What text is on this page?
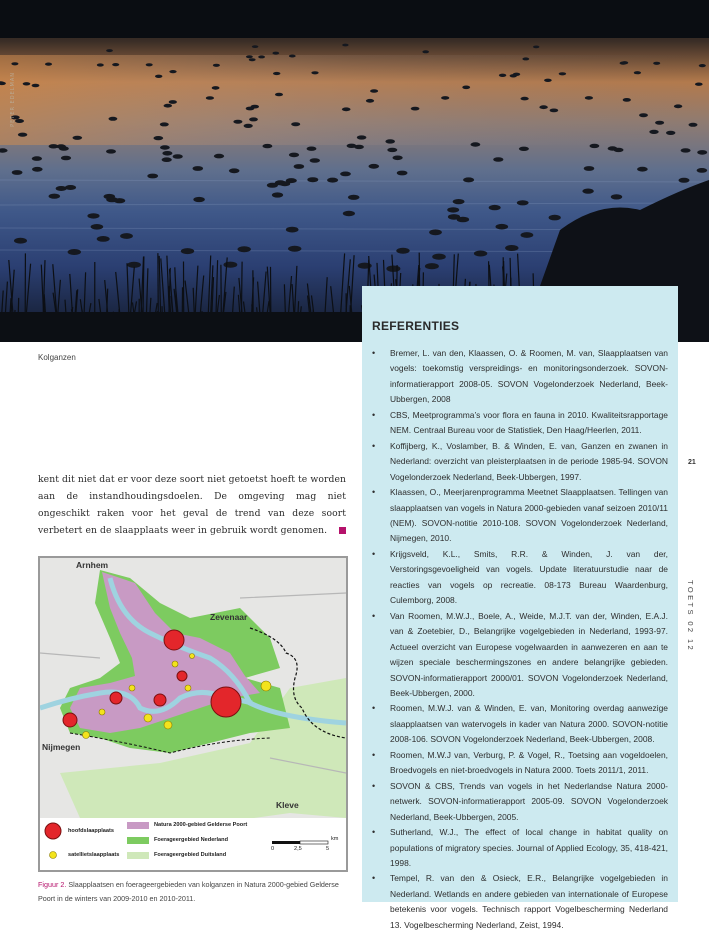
PETER EDELMAN
Kolganzen
kent dit niet dat er voor deze soort niet getoetst hoeft te worden aan de instandhoudingsdoelen. De omgeving mag niet ongeschikt raken voor het geval de trend van deze soort verbetert en de slaapplaats weer in gebruik wordt genomen.
Arnhem
Zevenaar
Nijmegen
Kleve
hoofdslaapplaats
satellietslaapplaats
Natura 2000-gebied Gelderse Poort
Foerageergebied Nederland
Foerageergebied Duitsland
0	2,5	5
km
Figuur 2. Slaapplaatsen en foerageergebieden van kolganzen in Natura 2000-gebied Gelderse Poort in de winters van 2009-2010 en 2010-2011.
REFERENTIES
• Bremer, L. van den, Klaassen, O. & Roomen, M. van, Slaapplaatsen van vogels: toekomstig verspreidings- en monitoringsonderzoek. SOVON-informatierapport 2008-05. SOVON Vogelonderzoek Nederland, Beek- Ubbergen, 2008
• CBS, Meetprogramma’s voor flora en fauna in 2010. Kwaliteitsrapportage NEM. Centraal Bureau voor de Statistiek, Den Haag/Heerlen, 2011.
• Koffijberg, K., Voslamber, B. & Winden, E. van, Ganzen en zwanen in Nederland: overzicht van pleisterplaatsen in de periode 1985-94. SOVON Vogelonderzoek Nederland, Beek-Ubbergen, 1997.
• Klaassen, O., Meerjarenprogramma Meetnet Slaapplaatsen. Tellingen van slaapplaatsen van vogels in Natura 2000-gebieden vanaf seizoen 2010/11 (NEM). SOVON-notitie 2010-108. SOVON Vogelonderzoek Nederland, Nijmegen, 2010.
• Krijgsveld, K.L., Smits, R.R. & Winden, J. van der, Verstoringsgevoeligheid van vogels. Update literatuurstudie naar de reacties van vogels op recreatie. 08-173 Bureau Waardenburg, Culemborg, 2008.
• Van Roomen, M.W.J., Boele, A., Weide, M.J.T. van der, Winden, E.A.J. van & Zoetebier, D., Belangrijke vogelgebieden in Nederland, 1993-97. Actueel overzicht van Europese vogelwaarden in aanwezeren en aan te wijzen speciale beschermingszones en andere belangrijke gebieden. SOVON-informatierapport 2000/01. SOVON Vogelonderzoek Nederland, Beek-Ubbergen, 2000.
• Roomen, M.W.J. van & Winden, E. van, Monitoring overdag aanwezige slaapplaatsen van watervogels in kader van Natura 2000. SOVON-notitie 2008-106. SOVON Vogelonderzoek Nederland, Beek-Ubbergen, 2008.
• Roomen, M.W.J van, Verburg, P. & Vogel, R., Toetsing aan vogeldoelen, Broedvogels en niet-broedvogels in Natura 2000. Toets 2011/1, 2011.
• SOVON & CBS, Trends van vogels in het Nederlandse Natura 2000-netwerk. SOVON-informatierapport 2005-09. SOVON Vogelonderzoek Nederland, Beek-Ubbergen, 2005.
• Sutherland, W.J., The effect of local change in habitat quality on populations of migratory species. Journal of Applied Ecology, 35, 418-421, 1998.
• Tempel, R. van den & Osieck, E.R., Belangrijke vogelgebieden in Nederland. Wetlands en andere gebieden van internationale of Europese betekenis voor vogels. Technisch rapport Vogelbescherming Nederland 13. Vogelbescherming Nederland, Zeist, 1994.
21
TOETS 02 12
